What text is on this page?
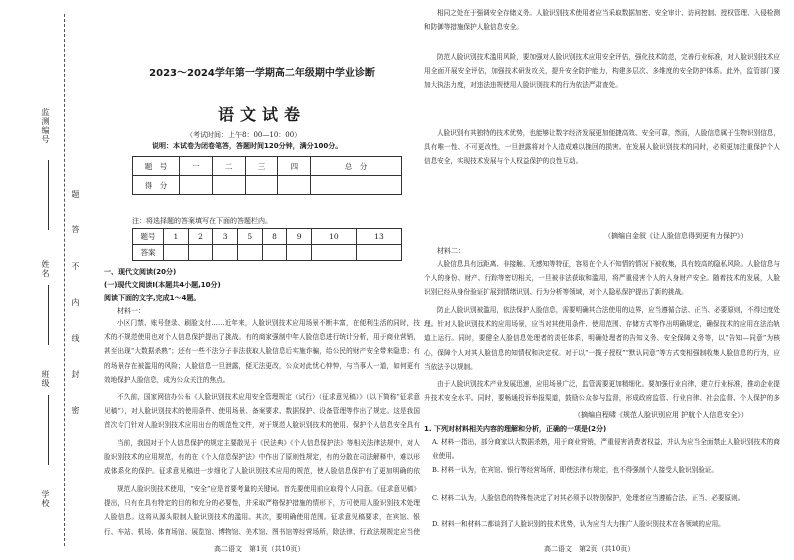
监测编号
姓名
班级
学校
题
答
不
内
线
封
密
2023～2024学年第一学期高二年级期中学业诊断
语文试卷
（考试时间：上午8：00—10：00）
说明：本试卷为闭卷笔答，答题时间120分钟，满分100分。
题　号	一	二	三	四	总　分
得　分					
注：将选择题的答案填写在下面的答题栏内。
题号	1	2	3	5	8	9	10	13
答案								
一、现代文阅读(20分)
(一)现代文阅读Ⅰ(本题共4小题,10分)
阅读下面的文字,完成1～4题。
材料一：
小区门禁、账号登录、刷脸支付……近年来，人脸识别技术应用场景不断丰富，在便利生活的同时，技术的不规范使用也对个人信息保护提出了挑战。有的商家强制中年人脸信息进行统计分析，用于商业营销，甚至出现“大数据杀熟”；还有一些不法分子非法获取人脸信息后实施诈骗，给公民的财产安全带来隐患；有的场景存在被滥用的风险；人脸信息一旦泄露，便无法更改，公众对此忧心忡忡，与当事人一道，如何更有效地保护人脸信息，成为公众关注的焦点。
不久前，国家网信办公布《人脸识别技术应用安全管理规定（试行）（征求意见稿）》（以下简称“征求意见稿”），对人脸识别技术的使用条件、使用场景、备案要求、数据保护、设备管理等作出了规定。这是我国首次专门针对人脸识别技术应用出台的规范性文件，对于规范人脸识别技术的使用、保护个人信息安全具有
当前，我国对于个人信息保护的规定主要散见于《民法典》《个人信息保护法》等相关法律法规中，对人脸识别技术的应用规范，有的在《个人信息保护法》中作出了原则性规定，有的分散在司法解释中，难以形成体系化的保护。征求意见稿进一步细化了人脸识别技术应用的规范，使人脸信息保护有了更加明确的依
规范人脸识别技术使用，“安全”应是首要考量的关键词。首先要使用前应取得个人同意。《征求意见稿》提出，只有在具有特定的目的和充分的必要性，并采取严格保护措施的情形下，方可使用人脸识别技术处理人脸信息。这将从源头限制人脸识别技术的滥用。其次，要明确使用范围。征求意见稿要求，在宾馆、银行、车站、机场、体育场馆、展览馆、博物馆、美术馆、图书馆等经营场所，除法律、行政法规规定应当使
高二语文　第1页（共10页）
相同之处在于强调安全存储义务。人脸识别技术使用者应当采取数据加密、安全审计、访问控制、授权管理、入侵检测和防御等措施保护人脸信息安全。
防范人脸识别技术滥用风险，要加强对人脸识别技术应用安全评估，强化技术防范，完善行业标准，对人脸识别技术应用全面开展安全评估，加强技术研发攻关，提升安全防护能力，构建多层次、多维度的安全防护体系。此外，监管部门要加大执法力度，对违法违规使用人脸识别技术的行为依法严肃查处。
人脸识别有其独特的技术优势，也能够让数字经济发展更加便捷高效、安全可靠，然而，人脸信息属于生物识别信息，具有唯一性、不可更改性，一旦泄露将对个人造成难以挽回的损害。在发展人脸识别技术的同时，必须更加注重保护个人信息安全，实现技术发展与个人权益保护的良性互动。
（摘编自金叙《让人脸信息得到更有力保护》）
材料二：
人脸信息具有远距离、非接触、无感知等特征，容易在个人不知情的情况下被收集，具有较高的隐私风险。人脸信息与个人的身份、财产、行踪等密切相关，一旦被非法获取和滥用，将严重侵害个人的人身财产安全。随着技术的发展，人脸识别已经从身份验证扩展到情绪识别、行为分析等领域，对个人隐私保护提出了新的挑战。
防止人脸识别被滥用，依法保护人脸信息，需要明确其合法使用的边界，应当遵循合法、正当、必要原则，不得过度处理。针对人脸识别技术的应用场景，应当对其使用条件、使用范围、存储方式等作出明确规定，确保技术的应用在法治轨道上运行。同时，要健全人脸信息处理者的责任体系，明确处理者的告知义务、安全保障义务等，以“告知—同意”为核心，保障个人对其人脸信息的知情权和决定权。对于以“一揽子授权”“默认同意”等方式变相强制收集人脸信息的行为，应当依法予以规制。
由于人脸识别技术产业发展迅速，应用场景广泛，监管需要更加精细化。要加强行业自律，建立行业标准，推动企业提升技术安全水平。同时，要畅通投诉举报渠道，鼓励公众参与监督，形成政府监管、行业自律、社会监督、个人保护的多
（摘编自程啸《规范人脸识别应用 护航个人信息安全》）
1. 下列对材料相关内容的理解和分析，正确的一项是(2分)
A. 材料一指出，部分商家以大数据杀熟，用于商业营销，严重侵害消费者权益，并认为应当全面禁止人脸识别技术的商业使用。
B. 材料一认为，在宾馆、银行等经营场所，即使法律有规定，也不得强制个人接受人脸识别验证。
C. 材料二认为，人脸信息的特殊性决定了对其必须予以特别保护，处理者应当遵循合法、正当、必要原则。
D. 材料一和材料二都谈到了人脸识别的技术优势，认为应当大力推广人脸识别技术在各领域的应用。
高二语文　第2页（共10页）
